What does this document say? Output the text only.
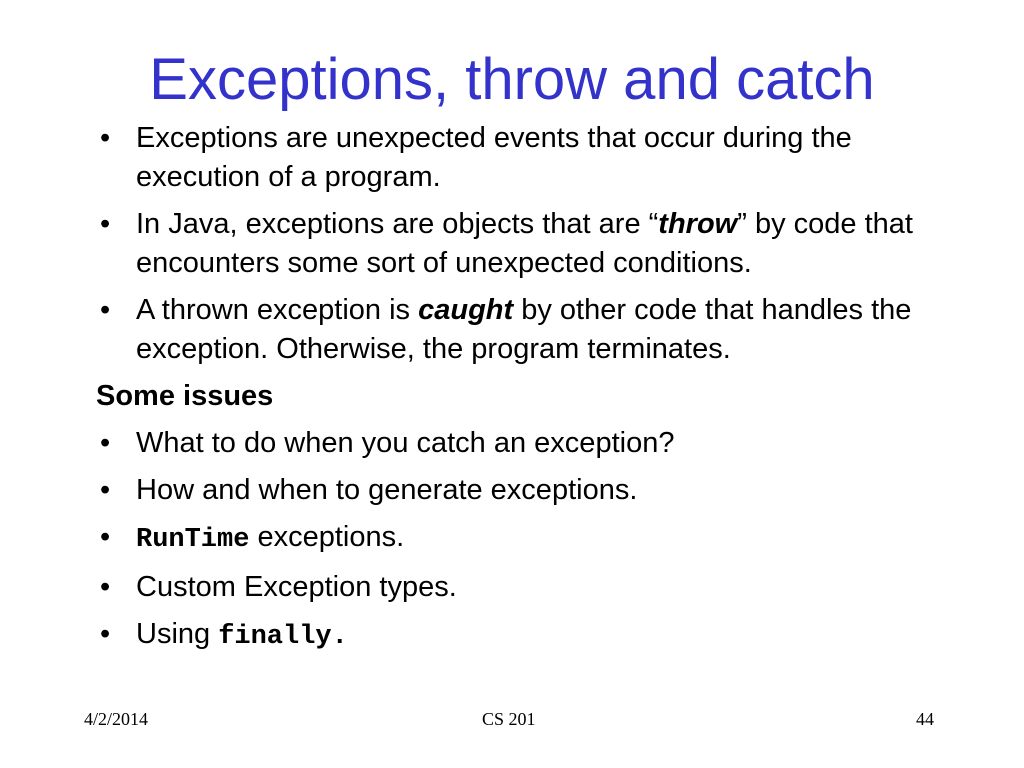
Exceptions, throw and catch
• Exceptions are unexpected events that occur during the execution of a program.
• In Java, exceptions are objects that are “throw” by code that encounters some sort of unexpected conditions.
• A thrown exception is caught by other code that handles the exception. Otherwise, the program terminates.
Some issues
• What to do when you catch an exception?
• How and when to generate exceptions.
• RunTime exceptions.
• Custom Exception types.
• Using finally.
4/2/2014	CS 201	44
